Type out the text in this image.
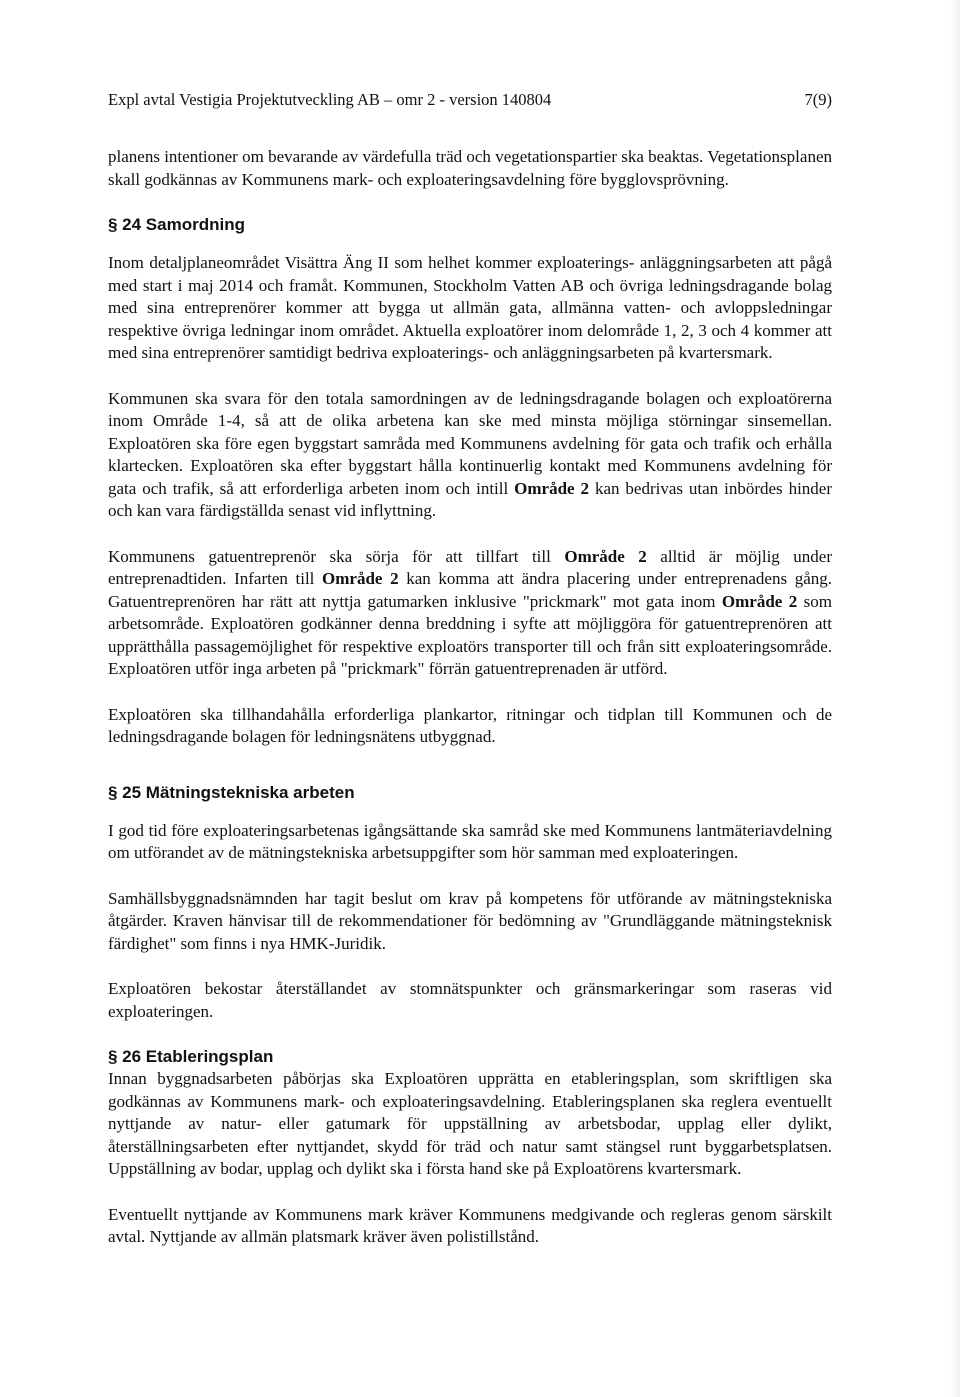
Expl avtal Vestigia Projektutveckling AB – omr 2 - version 140804	7(9)

planens intentioner om bevarande av värdefulla träd och vegetationspartier ska beaktas. Vegetationsplanen skall godkännas av Kommunens mark- och exploateringsavdelning före bygglovsprövning.

§ 24 Samordning

Inom detaljplaneområdet Visättra Äng II som helhet kommer exploaterings- anläggningsarbeten att pågå med start i maj 2014 och framåt. Kommunen, Stockholm Vatten AB och övriga ledningsdragande bolag med sina entreprenörer kommer att bygga ut allmän gata, allmänna vatten- och avloppsledningar respektive övriga ledningar inom området. Aktuella exploatörer inom delområde 1, 2, 3 och 4 kommer att med sina entreprenörer samtidigt bedriva exploaterings- och anläggningsarbeten på kvartersmark.

Kommunen ska svara för den totala samordningen av de ledningsdragande bolagen och exploatörerna inom Område 1-4, så att de olika arbetena kan ske med minsta möjliga störningar sinsemellan. Exploatören ska före egen byggstart samråda med Kommunens avdelning för gata och trafik och erhålla klartecken. Exploatören ska efter byggstart hålla kontinuerlig kontakt med Kommunens avdelning för gata och trafik, så att erforderliga arbeten inom och intill Område 2 kan bedrivas utan inbördes hinder och kan vara färdigställda senast vid inflyttning.

Kommunens gatuentreprenör ska sörja för att tillfart till Område 2 alltid är möjlig under entreprenadtiden. Infarten till Område 2 kan komma att ändra placering under entreprenadens gång. Gatuentreprenören har rätt att nyttja gatumarken inklusive "prickmark" mot gata inom Område 2 som arbetsområde. Exploatören godkänner denna breddning i syfte att möjliggöra för gatuentreprenören att upprätthålla passagemöjlighet för respektive exploatörs transporter till och från sitt exploateringsområde. Exploatören utför inga arbeten på "prickmark" förrän gatuentreprenaden är utförd.

Exploatören ska tillhandahålla erforderliga plankartor, ritningar och tidplan till Kommunen och de ledningsdragande bolagen för ledningsnätens utbyggnad.

§ 25 Mätningstekniska arbeten

I god tid före exploateringsarbetenas igångsättande ska samråd ske med Kommunens lantmäteriavdelning om utförandet av de mätningstekniska arbetsuppgifter som hör samman med exploateringen.

Samhällsbyggnadsnämnden har tagit beslut om krav på kompetens för utförande av mätningstekniska åtgärder. Kraven hänvisar till de rekommendationer för bedömning av "Grundläggande mätningsteknisk färdighet" som finns i nya HMK-Juridik.

Exploatören bekostar återställandet av stomnätspunkter och gränsmarkeringar som raseras vid exploateringen.

§ 26 Etableringsplan

Innan byggnadsarbeten påbörjas ska Exploatören upprätta en etableringsplan, som skriftligen ska godkännas av Kommunens mark- och exploateringsavdelning. Etableringsplanen ska reglera eventuellt nyttjande av natur- eller gatumark för uppställning av arbetsbodar, upplag eller dylikt, återställningsarbeten efter nyttjandet, skydd för träd och natur samt stängsel runt byggarbetsplatsen. Uppställning av bodar, upplag och dylikt ska i första hand ske på Exploatörens kvartersmark.

Eventuellt nyttjande av Kommunens mark kräver Kommunens medgivande och regleras genom särskilt avtal. Nyttjande av allmän platsmark kräver även polistillstånd.
